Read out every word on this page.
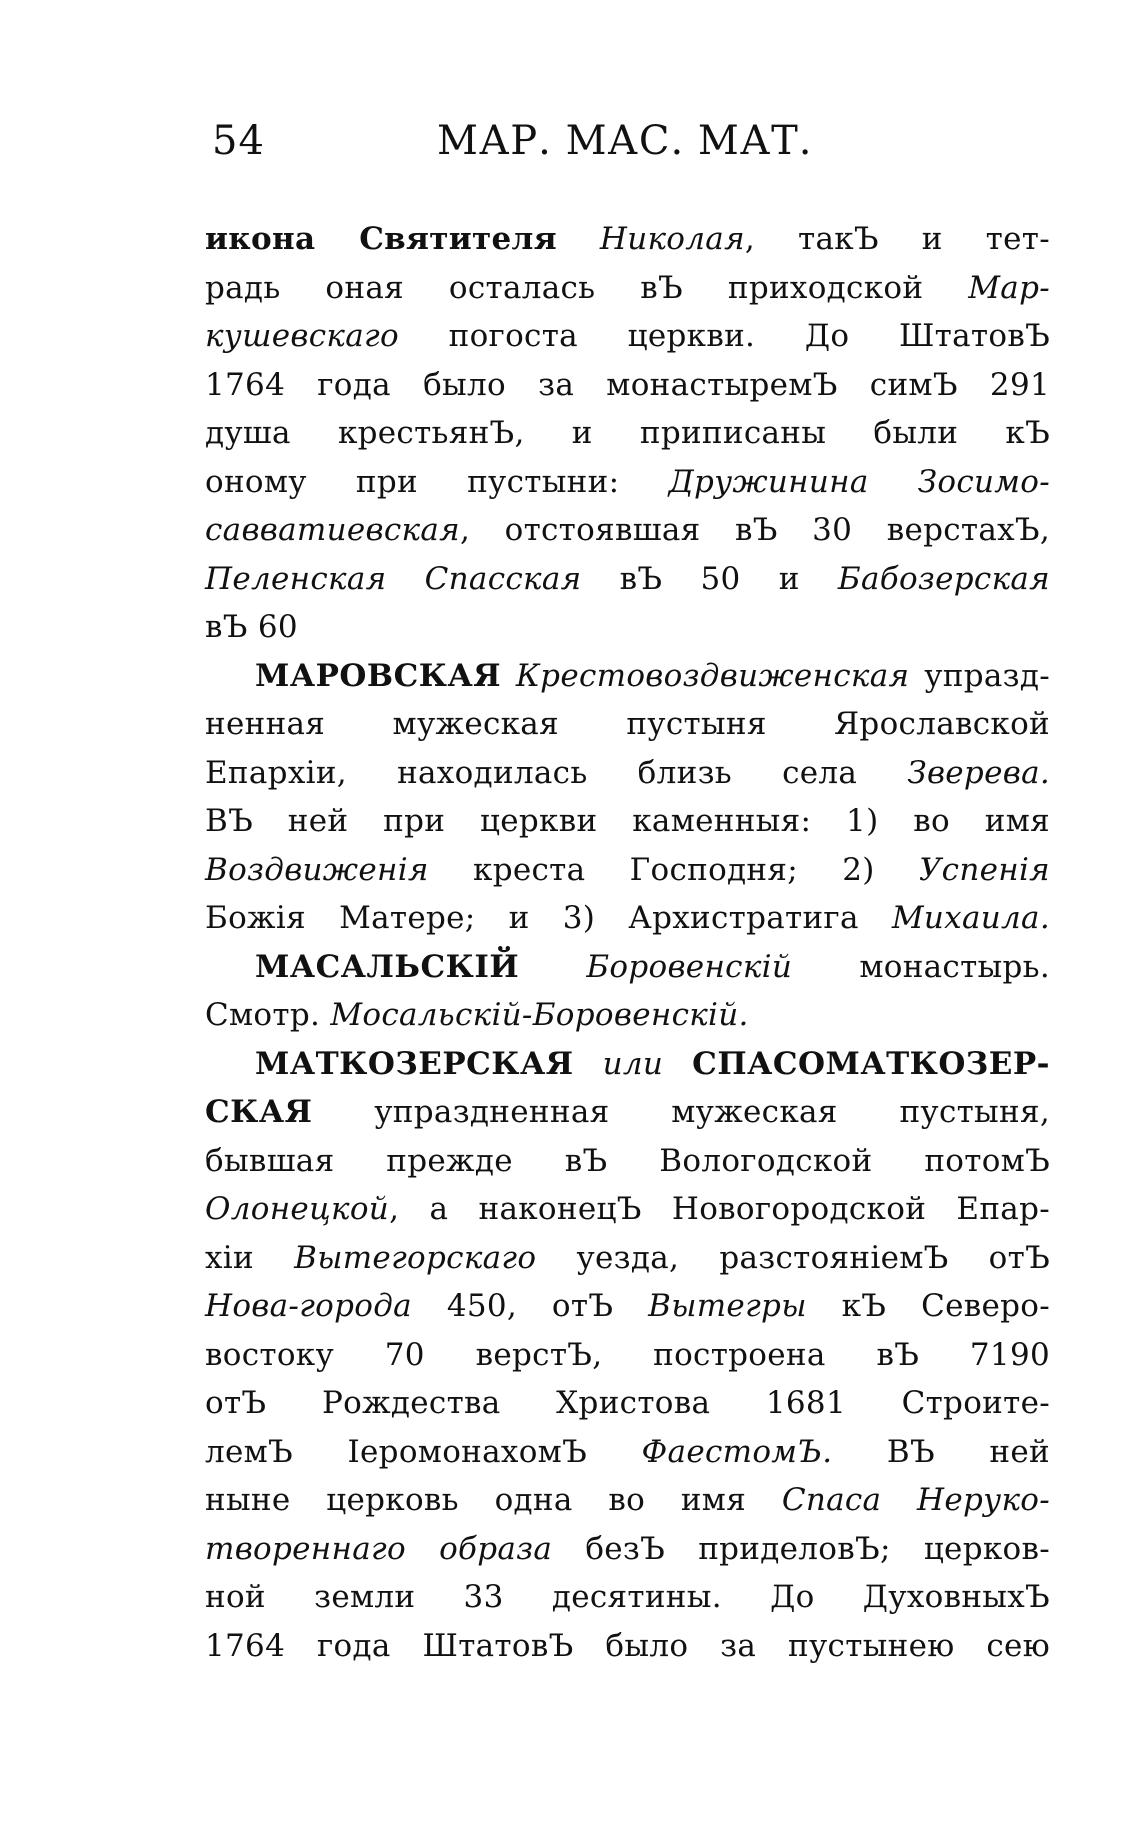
54	МАР. МАС. МАТ.
икона Святителя Николая, такЪ и тет-
радь оная осталась вЪ приходской Мар-
кушевскаго погоста церкви. До ШтатовЪ
1764 года было за монастыремЪ симЪ 291
душа крестьянЪ, и приписаны были кЪ
оному при пустыни: Дружинина Зосимо-
савватиевская, отстоявшая вЪ 30 верстахЪ,
Пеленская Спасская вЪ 50 и Бабозерская
вЪ 60
МАРОВСКАЯ Крестовоздвиженская упразд-
ненная мужеская пустыня Ярославской
Епархiи, находилась близь села Зверева.
ВЪ ней при церкви каменныя: 1) во имя
Воздвиженiя креста Господня; 2) Успенiя
Божiя Матере; и 3) Архистратига Михаила.
МАСАЛЬСКIЙ Боровенскiй монастырь.
Смотр. Мосальскiй-Боровенскiй.
МАТКОЗЕРСКАЯ или СПАСОМАТКОЗЕР-
СКАЯ упраздненная мужеская пустыня,
бывшая прежде вЪ Вологодской потомЪ
Олонецкой, а наконецЪ Новогородской Епар-
хiи Вытегорскаго уезда, разстоянiемЪ отЪ
Нова-города 450, отЪ Вытегры кЪ Северо-
востоку 70 верстЪ, построена вЪ 7190
отЪ Рождества Христова 1681 Строите-
лемЪ IеромонахомЪ ФаестомЪ. ВЪ ней
ныне церковь одна во имя Спаса Неруко-
твореннаго образа безЪ приделовЪ; церков-
ной земли 33 десятины. До ДуховныхЪ
1764 года ШтатовЪ было за пустынею сею
